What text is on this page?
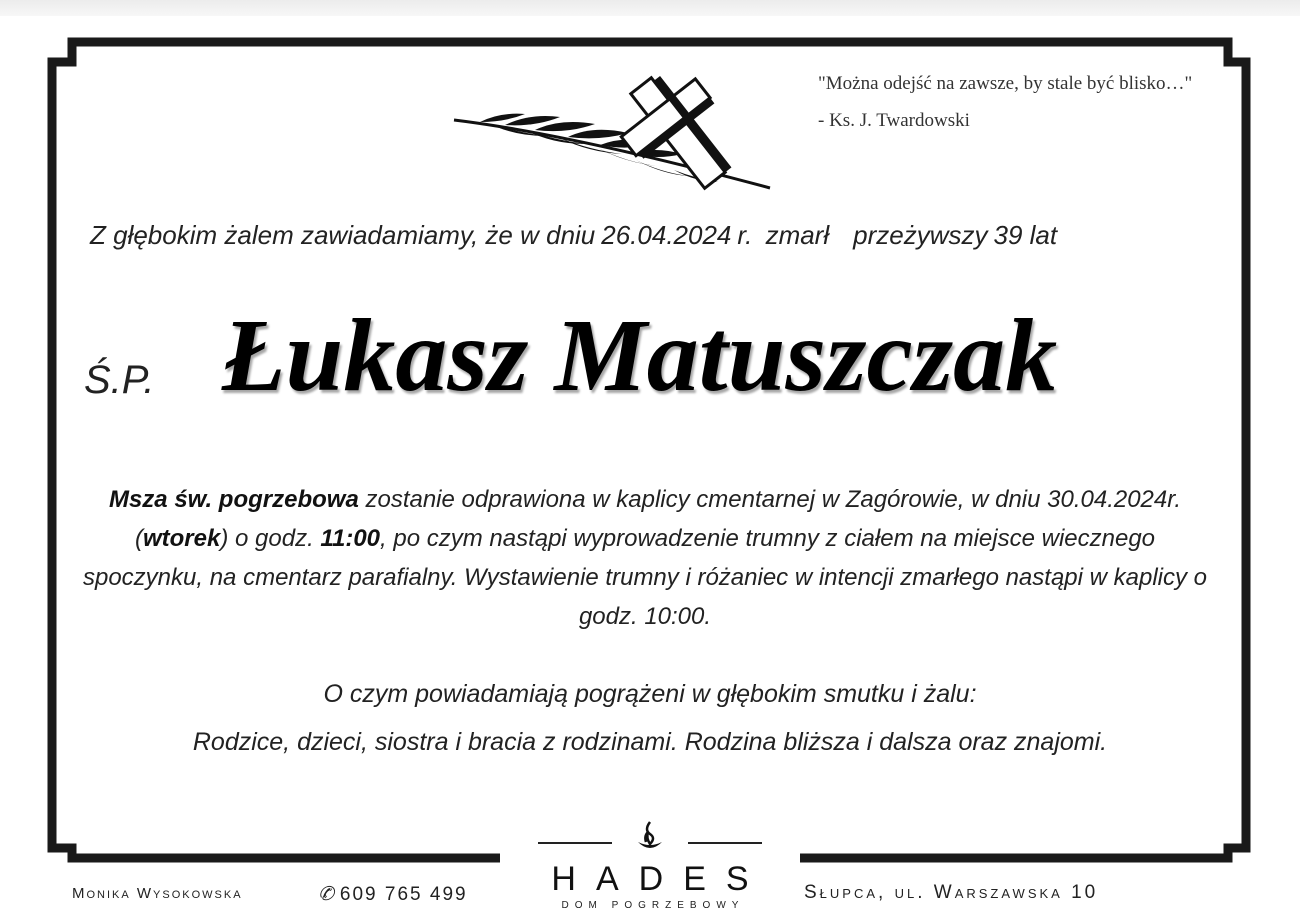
"Można odejść na zawsze, by stale być blisko…"
- Ks. J. Twardowski
Z głębokim żalem zawiadamiamy, że w dniu 26.04.2024 r. zmarł przeżywszy 39 lat
Ś.P. Łukasz Matuszczak
Msza św. pogrzebowa zostanie odprawiona w kaplicy cmentarnej w Zagórowie, w dniu 30.04.2024r. (wtorek) o godz. 11:00, po czym nastąpi wyprowadzenie trumny z ciałem na miejsce wiecznego spoczynku, na cmentarz parafialny. Wystawienie trumny i różaniec w intencji zmarłego nastąpi w kaplicy o godz. 10:00.
O czym powiadamiają pogrążeni w głębokim smutku i żalu:
Rodzice, dzieci, siostra i bracia z rodzinami. Rodzina bliższa i dalsza oraz znajomi.
Monika Wysokowska	✆ 609 765 499	HADES
DOM POGRZEBOWY
Słupca, ul. Warszawska 10
